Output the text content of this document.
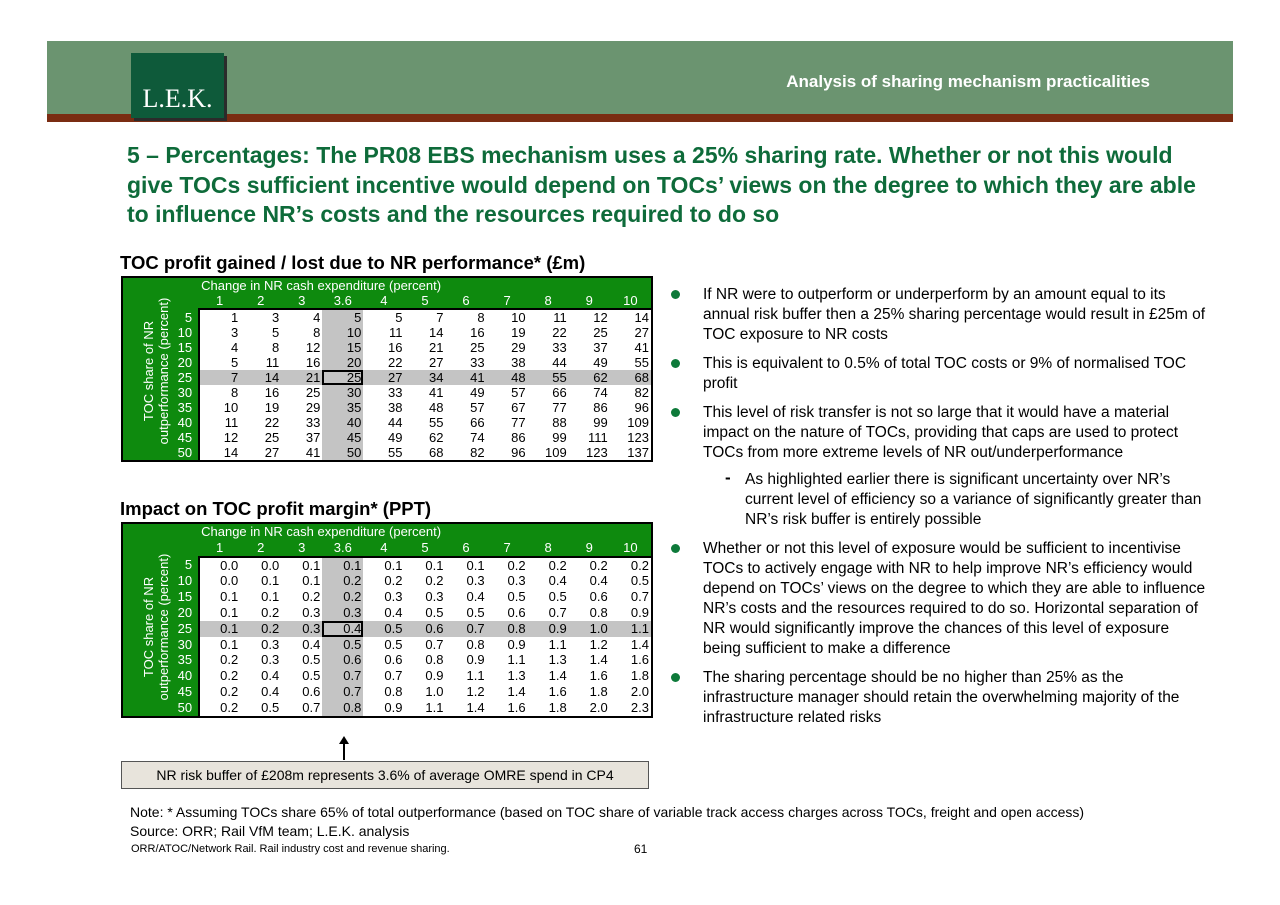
L.E.K.
Analysis of sharing mechanism practicalities
5 – Percentages: The PR08 EBS mechanism uses a 25% sharing rate. Whether or not this would give TOCs sufficient incentive would depend on TOCs’ views on the degree to which they are able to influence NR’s costs and the resources required to do so
TOC profit gained / lost due to NR performance* (£m)
		Change in NR cash expenditure (percent)										
		1	2	3	3.6	4	5	6	7	8	9	10
	5	1	3	4	5	5	7	8	10	11	12	14
	10	3	5	8	10	11	14	16	19	22	25	27
	15	4	8	12	15	16	21	25	29	33	37	41
	20	5	11	16	20	22	27	33	38	44	49	55
	25	7	14	21	25	27	34	41	48	55	62	68
	30	8	16	25	30	33	41	49	57	66	74	82
	35	10	19	29	35	38	48	57	67	77	86	96
	40	11	22	33	40	44	55	66	77	88	99	109
	45	12	25	37	45	49	62	74	86	99	111	123
	50	14	27	41	50	55	68	82	96	109	123	137
TOC share of NR outperformance (percent)
Impact on TOC profit margin* (PPT)
		Change in NR cash expenditure (percent)										
		1	2	3	3.6	4	5	6	7	8	9	10
	5	0.0	0.0	0.1	0.1	0.1	0.1	0.1	0.2	0.2	0.2	0.2
	10	0.0	0.1	0.1	0.2	0.2	0.2	0.3	0.3	0.4	0.4	0.5
	15	0.1	0.1	0.2	0.2	0.3	0.3	0.4	0.5	0.5	0.6	0.7
	20	0.1	0.2	0.3	0.3	0.4	0.5	0.5	0.6	0.7	0.8	0.9
	25	0.1	0.2	0.3	0.4	0.5	0.6	0.7	0.8	0.9	1.0	1.1
	30	0.1	0.3	0.4	0.5	0.5	0.7	0.8	0.9	1.1	1.2	1.4
	35	0.2	0.3	0.5	0.6	0.6	0.8	0.9	1.1	1.3	1.4	1.6
	40	0.2	0.4	0.5	0.7	0.7	0.9	1.1	1.3	1.4	1.6	1.8
	45	0.2	0.4	0.6	0.7	0.8	1.0	1.2	1.4	1.6	1.8	2.0
	50	0.2	0.5	0.7	0.8	0.9	1.1	1.4	1.6	1.8	2.0	2.3
TOC share of NR outperformance (percent)
NR risk buffer of £208m represents 3.6% of average OMRE spend in CP4
If NR were to outperform or underperform by an amount equal to its annual risk buffer then a 25% sharing percentage would result in £25m of TOC exposure to NR costs
This is equivalent to 0.5% of total TOC costs or 9% of normalised TOC profit
This level of risk transfer is not so large that it would have a material impact on the nature of TOCs, providing that caps are used to protect TOCs from more extreme levels of NR out/underperformance
- As highlighted earlier there is significant uncertainty over NR’s current level of efficiency so a variance of significantly greater than NR’s risk buffer is entirely possible
Whether or not this level of exposure would be sufficient to incentivise TOCs to actively engage with NR to help improve NR’s efficiency would depend on TOCs’ views on the degree to which they are able to influence NR’s costs and the resources required to do so. Horizontal separation of NR would significantly improve the chances of this level of exposure being sufficient to make a difference
The sharing percentage should be no higher than 25% as the infrastructure manager should retain the overwhelming majority of the infrastructure related risks
Note: * Assuming TOCs share 65% of total outperformance (based on TOC share of variable track access charges across TOCs, freight and open access)
Source: ORR; Rail VfM team; L.E.K. analysis
ORR/ATOC/Network Rail. Rail industry cost and revenue sharing.	61
